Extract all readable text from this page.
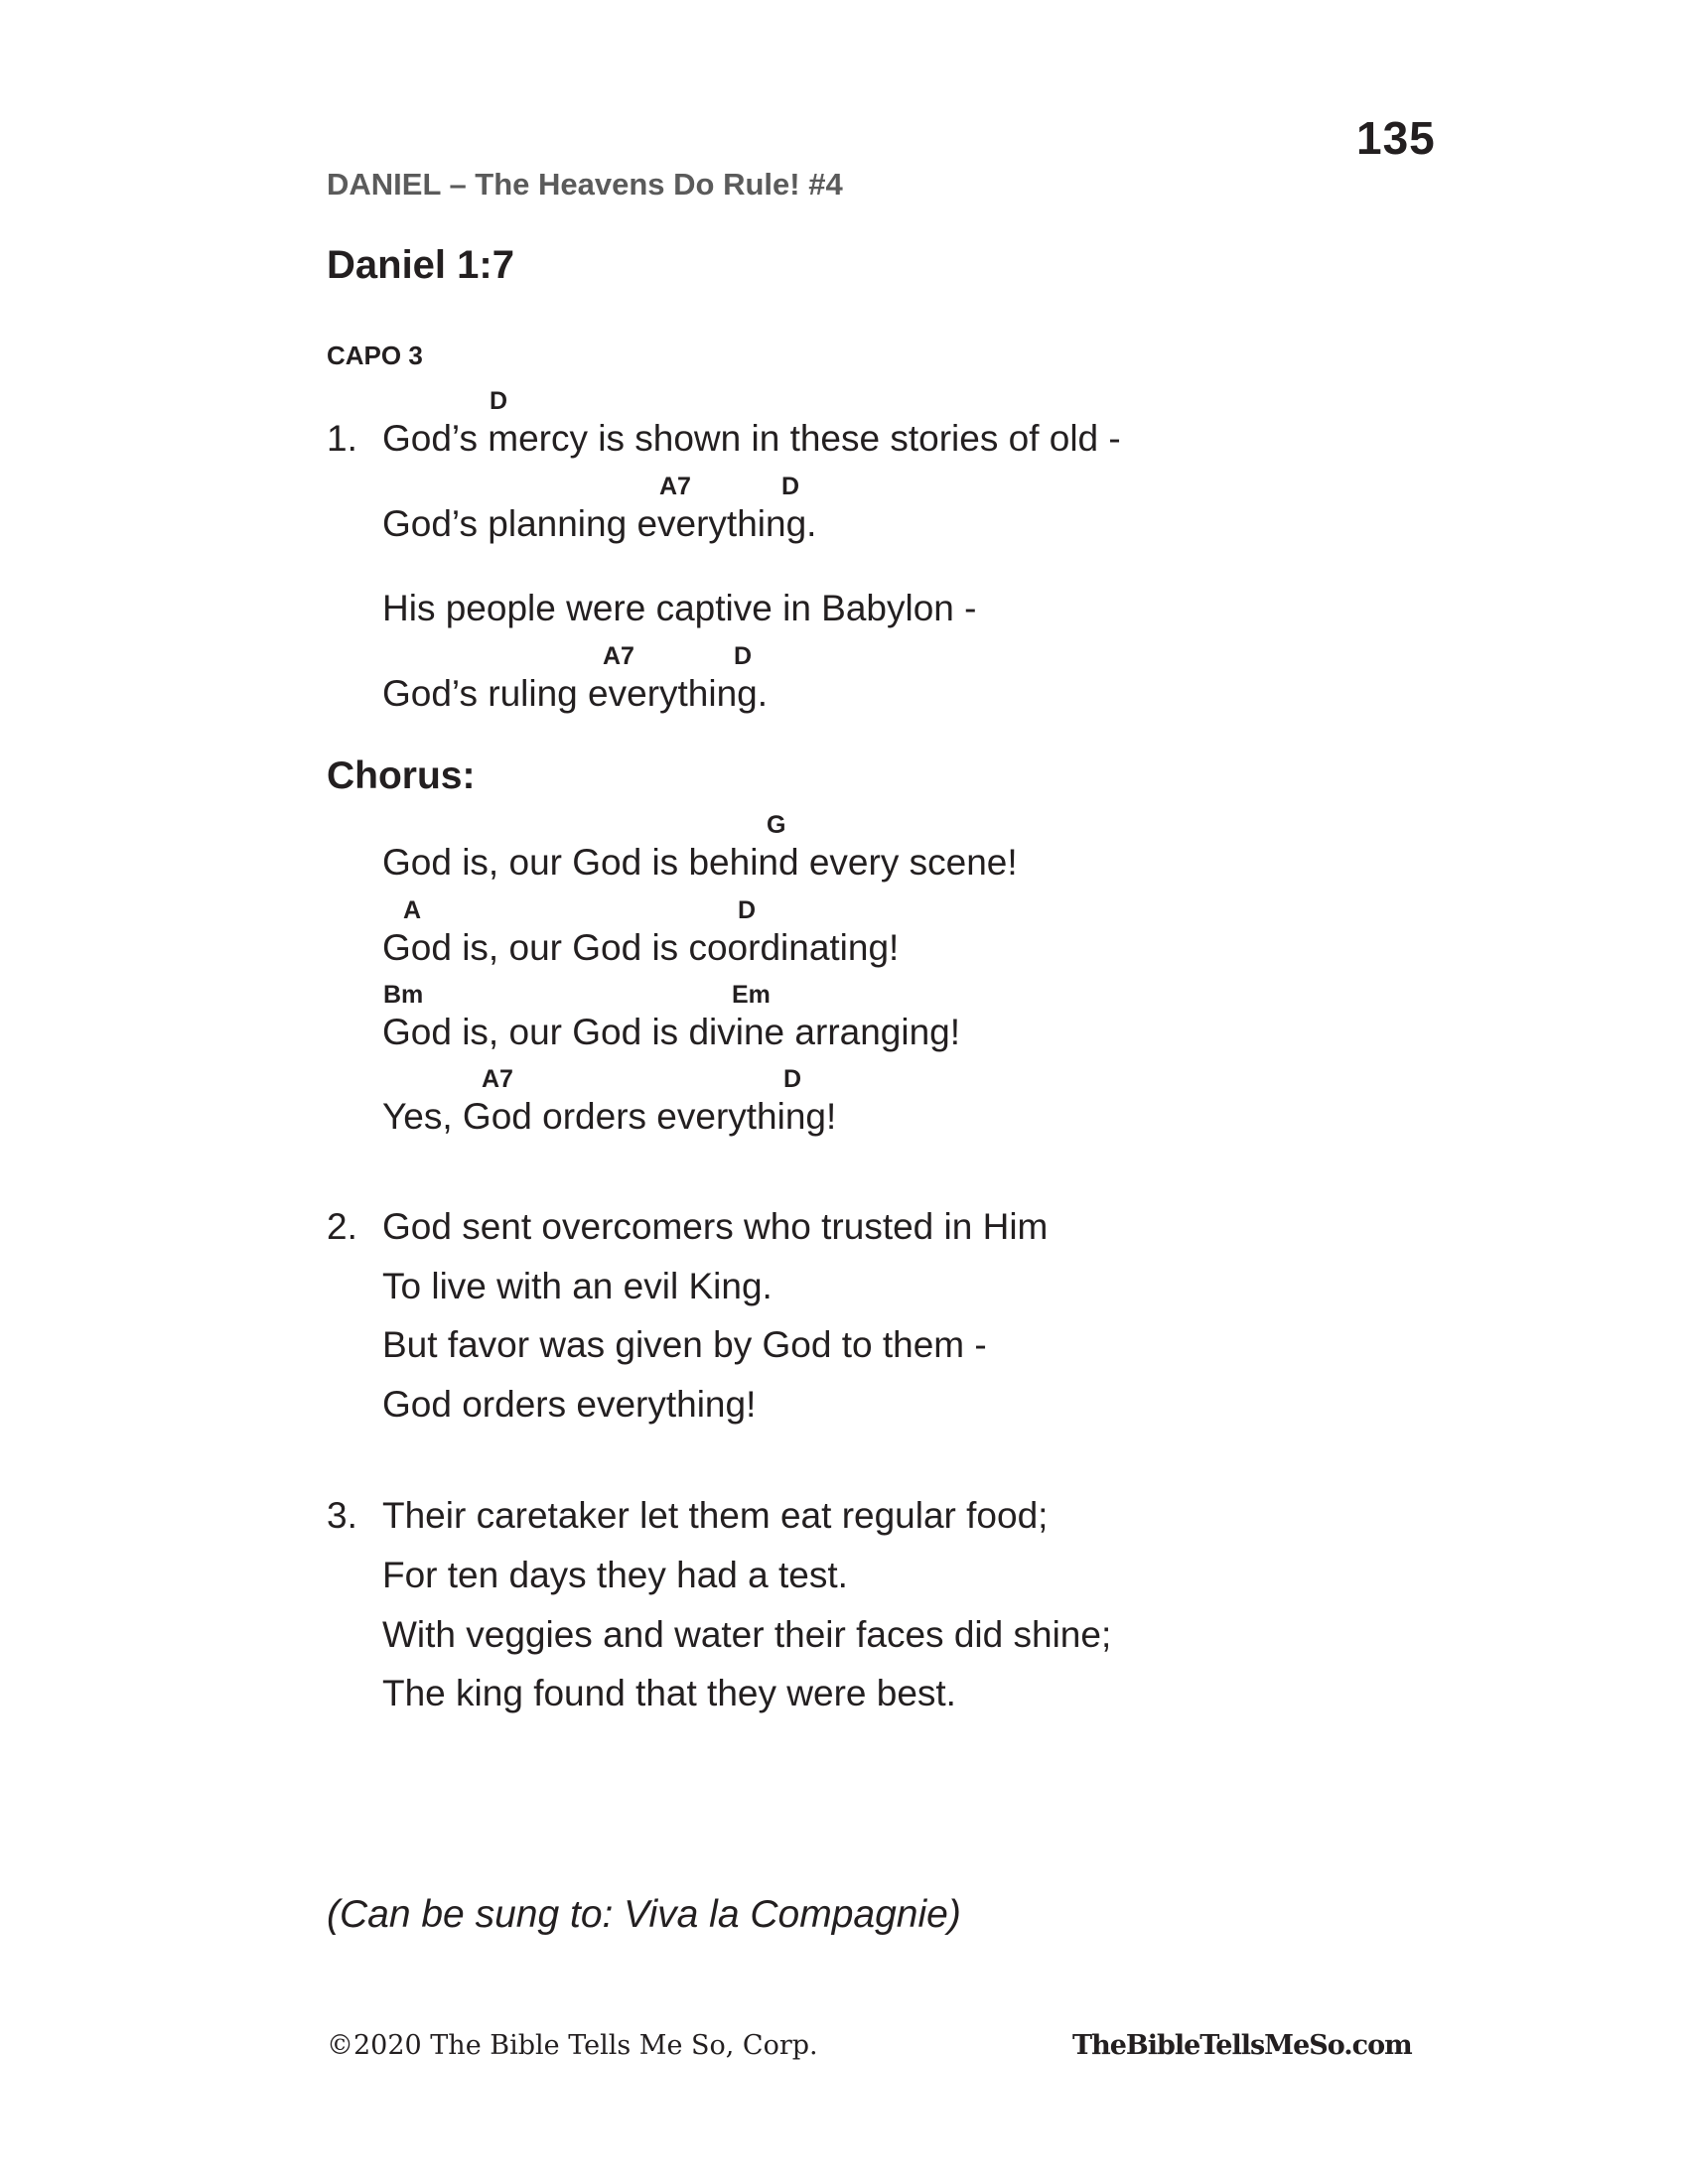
135
DANIEL – The Heavens Do Rule! #4
Daniel 1:7
CAPO 3
1.
D
God’s mercy is shown in these stories of old -
A7	D
God’s planning everything.
His people were captive in Babylon -
A7	D
God’s ruling everything.
Chorus:
G
God is, our God is behind every scene!
A	D
God is, our God is coordinating!
Bm	Em
God is, our God is divine arranging!
A7	D
Yes, God orders everything!
2. God sent overcomers who trusted in Him
To live with an evil King.
But favor was given by God to them -
God orders everything!
3. Their caretaker let them eat regular food;
For ten days they had a test.
With veggies and water their faces did shine;
The king found that they were best.
(Can be sung to: Viva la Compagnie)
©2020 The Bible Tells Me So, Corp.	TheBibleTellsMeSo.com
